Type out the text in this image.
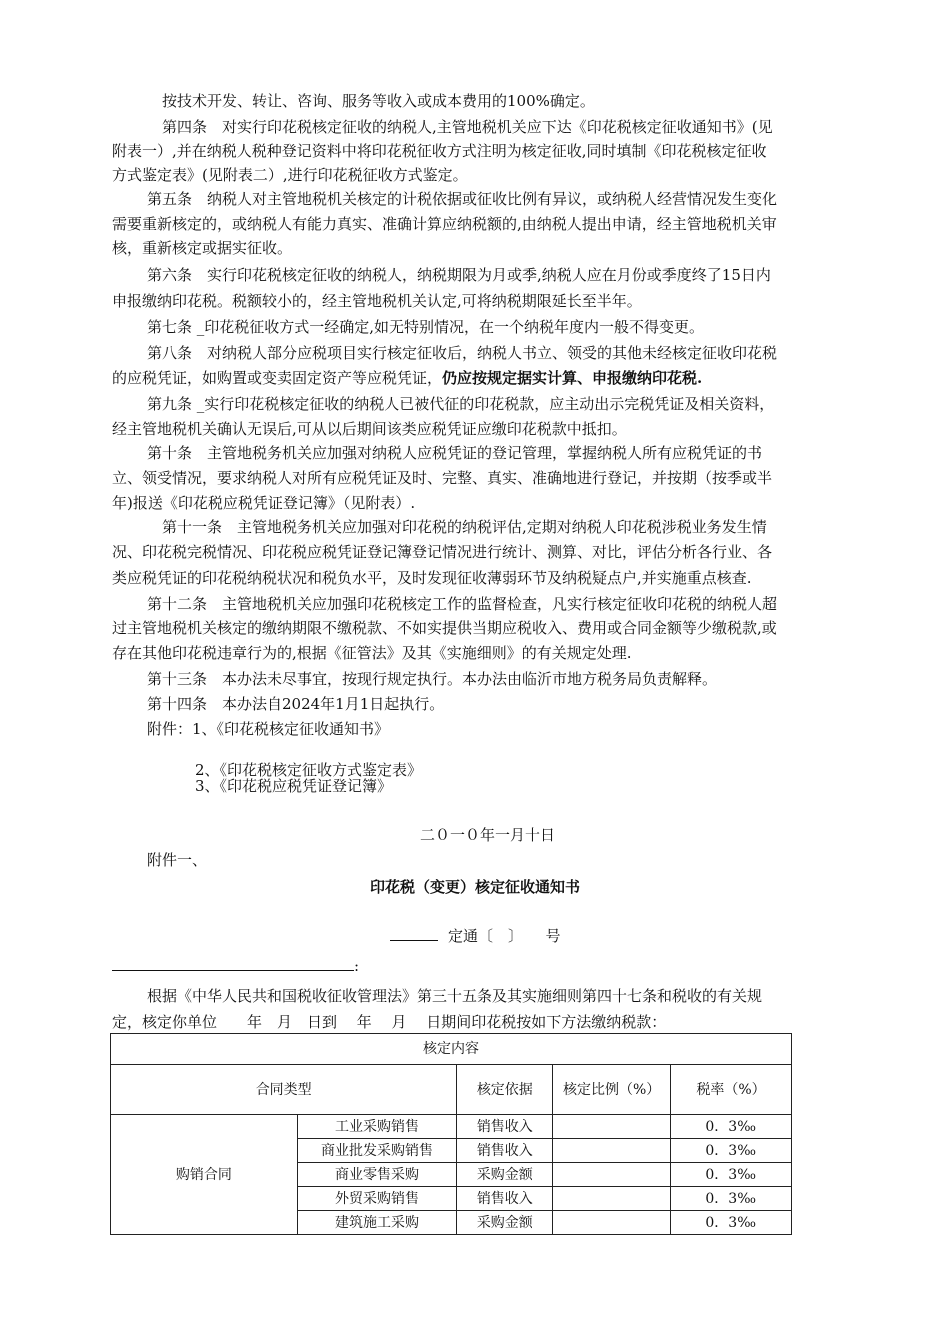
按技术开发、转让、咨询、服务等收入或成本费用的100%确定。
第四条　对实行印花税核定征收的纳税人,主管地税机关应下达《印花税核定征收通知书》(见
附表一）,并在纳税人税种登记资料中将印花税征收方式注明为核定征收,同时填制《印花税核定征收
方式鉴定表》(见附表二）,进行印花税征收方式鉴定。
第五条　纳税人对主管地税机关核定的计税依据或征收比例有异议，或纳税人经营情况发生变化
需要重新核定的，或纳税人有能力真实、准确计算应纳税额的,由纳税人提出申请，经主管地税机关审
核，重新核定或据实征收。
第六条　实行印花税核定征收的纳税人，纳税期限为月或季,纳税人应在月份或季度终了15日内
申报缴纳印花税。税额较小的，经主管地税机关认定,可将纳税期限延长至半年。
第七条 _印花税征收方式一经确定,如无特别情况，在一个纳税年度内一般不得变更。
第八条　对纳税人部分应税项目实行核定征收后，纳税人书立、领受的其他未经核定征收印花税
的应税凭证，如购置或变卖固定资产等应税凭证，仍应按规定据实计算、申报缴纳印花税.
第九条 _实行印花税核定征收的纳税人已被代征的印花税款，应主动出示完税凭证及相关资料，
经主管地税机关确认无误后,可从以后期间该类应税凭证应缴印花税款中抵扣。
第十条　主管地税务机关应加强对纳税人应税凭证的登记管理，掌握纳税人所有应税凭证的书
立、领受情况，要求纳税人对所有应税凭证及时、完整、真实、准确地进行登记，并按期（按季或半
年)报送《印花税应税凭证登记簿》（见附表）.
第十一条　主管地税务机关应加强对印花税的纳税评估,定期对纳税人印花税涉税业务发生情
况、印花税完税情况、印花税应税凭证登记簿登记情况进行统计、测算、对比，评估分析各行业、各
类应税凭证的印花税纳税状况和税负水平，及时发现征收薄弱环节及纳税疑点户,并实施重点核查.
第十二条　主管地税机关应加强印花税核定工作的监督检查，凡实行核定征收印花税的纳税人超
过主管地税机关核定的缴纳期限不缴税款、不如实提供当期应税收入、费用或合同金额等少缴税款,或
存在其他印花税违章行为的,根据《征管法》及其《实施细则》的有关规定处理.
第十三条　本办法未尽事宜，按现行规定执行。本办法由临沂市地方税务局负责解释。
第十四条　本办法自2024年1月1日起执行。
附件：1、《印花税核定征收通知书》
2、《印花税核定征收方式鉴定表》
3、《印花税应税凭证登记簿》
二０一０年一月十日
附件一、
印花税（变更）核定征收通知书
定通〔　〕　　号
:
根据《中华人民共和国税收征收管理法》第三十五条及其实施细则第四十七条和税收的有关规
定，核定你单位　　年　月　日到　 年　 月　 日期间印花税按如下方法缴纳税款：
核定内容				
合同类型		核定依据	核定比例（%）	税率（%）
购销合同	工业采购销售	销售收入		0．3‰
	商业批发采购销售	销售收入		0．3‰
	商业零售采购	采购金额		0．3‰
	外贸采购销售	销售收入		0．3‰
	建筑施工采购	采购金额		0．3‰
